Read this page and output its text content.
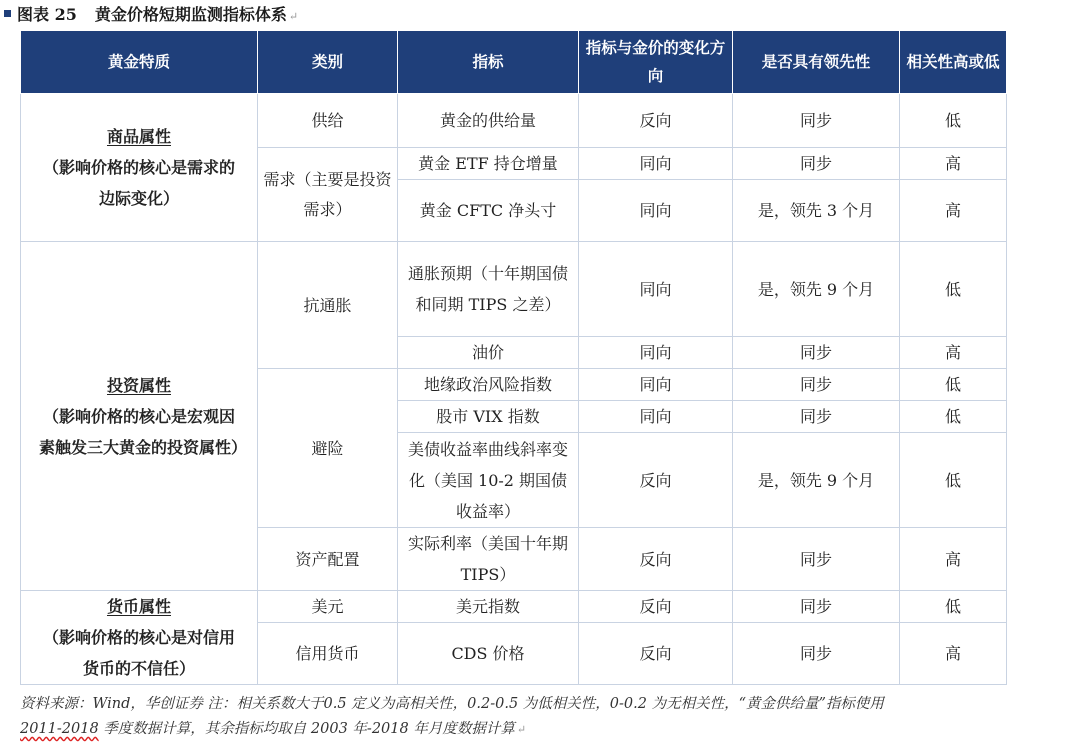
图表 25 黄金价格短期监测指标体系 ↵
黄金特质	类别	指标	指标与金价的变化方向	是否具有领先性	相关性高或低

商品属性
（影响价格的核心是需求的边际变化）	供给	黄金的供给量	反向	同步	低
	需求（主要是投资需求）	黄金 ETF 持仓增量	同向	同步	高
		黄金 CFTC 净头寸	同向	是，领先 3 个月	高

投资属性
（影响价格的核心是宏观因素触发三大黄金的投资属性）	抗通胀	通胀预期（十年期国债和同期 TIPS 之差）	同向	是，领先 9 个月	低
		油价	同向	同步	高
	避险	地缘政治风险指数	同向	同步	低
		股市 VIX 指数	同向	同步	低
		美债收益率曲线斜率变化（美国 10-2 期国债收益率）	反向	是，领先 9 个月	低
	资产配置	实际利率（美国十年期 TIPS）	反向	同步	高

货币属性
（影响价格的核心是对信用货币的不信任）	美元	美元指数	反向	同步	低
	信用货币	CDS 价格	反向	同步	高
资料来源：Wind，华创证券 注：相关系数大于0.5 定义为高相关性，0.2-0.5 为低相关性，0-0.2 为无相关性，“黄金供给量”指标使用
2011-2018 季度数据计算，其余指标均取自 2003 年-2018 年月度数据计算 ↵
